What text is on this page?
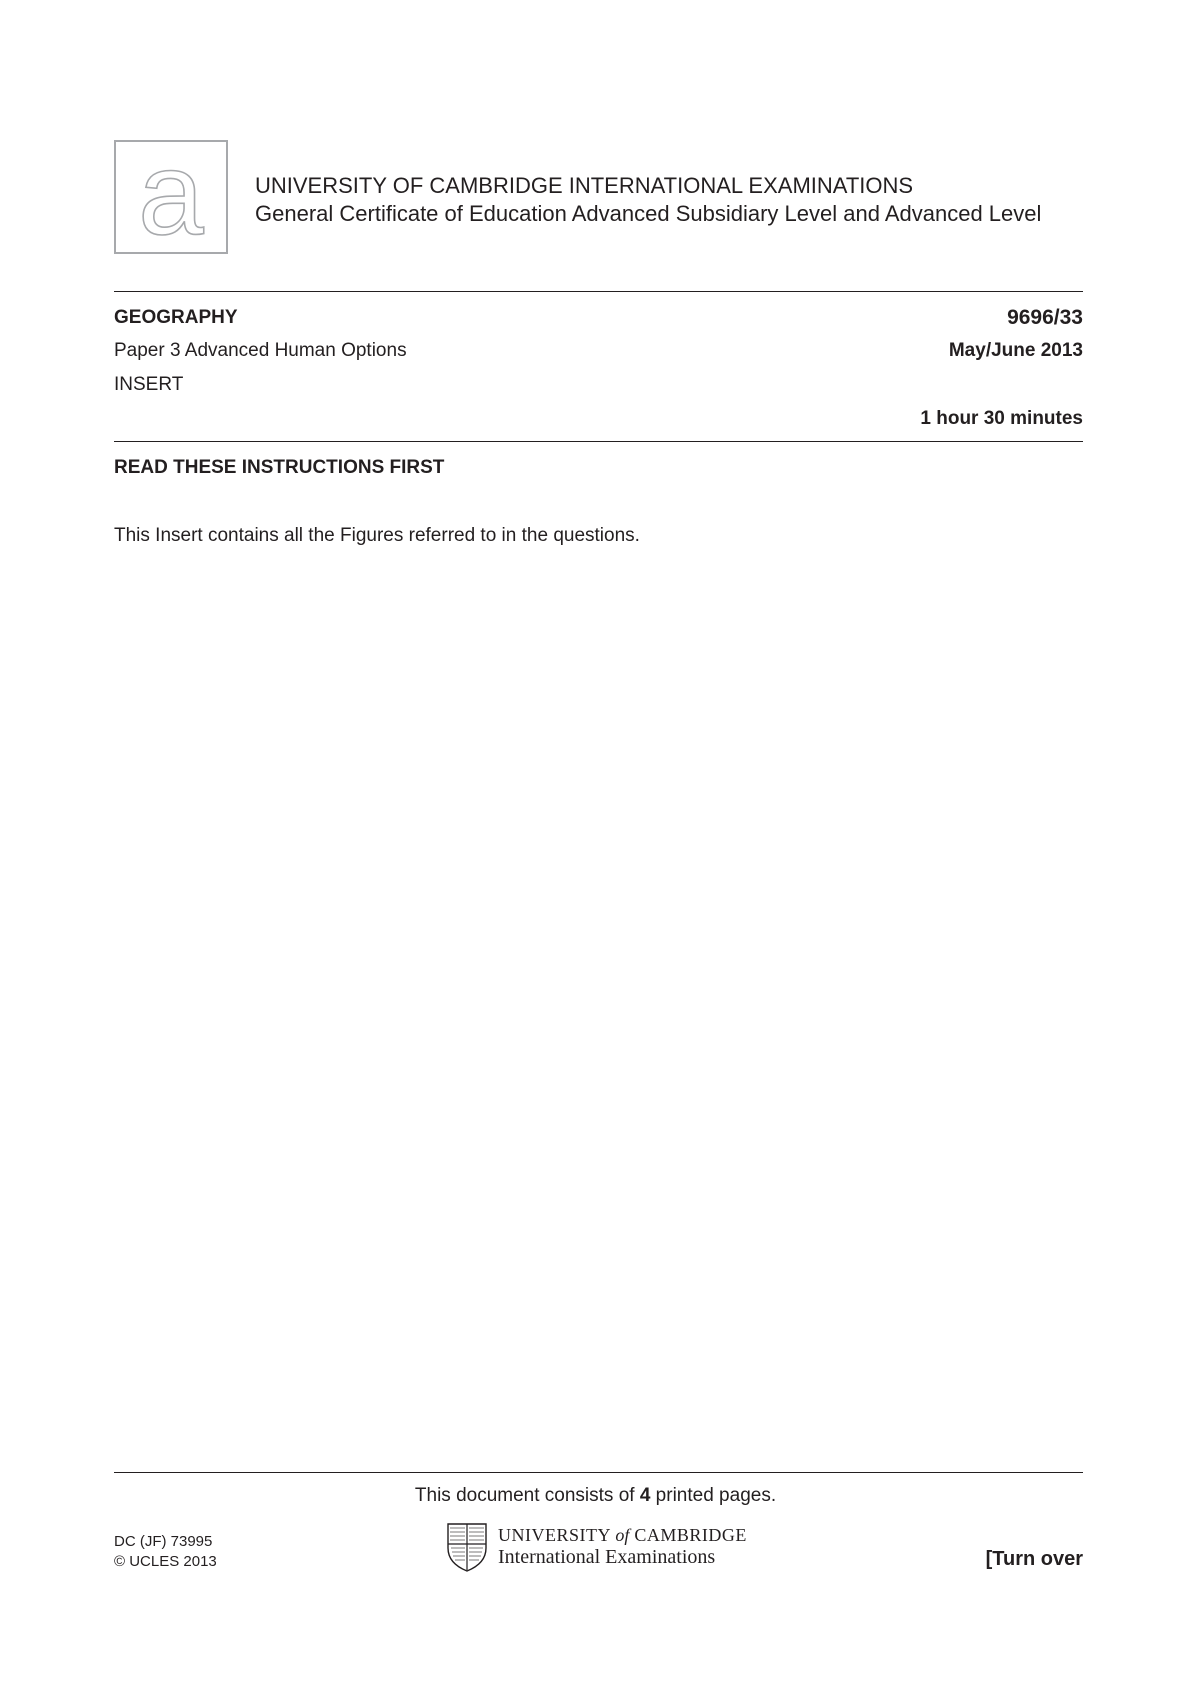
a UNIVERSITY OF CAMBRIDGE INTERNATIONAL EXAMINATIONS
General Certificate of Education Advanced Subsidiary Level and Advanced Level
GEOGRAPHY	9696/33
Paper 3 Advanced Human Options	May/June 2013
INSERT
1 hour 30 minutes
READ THESE INSTRUCTIONS FIRST
This Insert contains all the Figures referred to in the questions.
This document consists of 4 printed pages.
DC (JF) 73995
© UCLES 2013
UNIVERSITY of CAMBRIDGE
International Examinations	[Turn over
